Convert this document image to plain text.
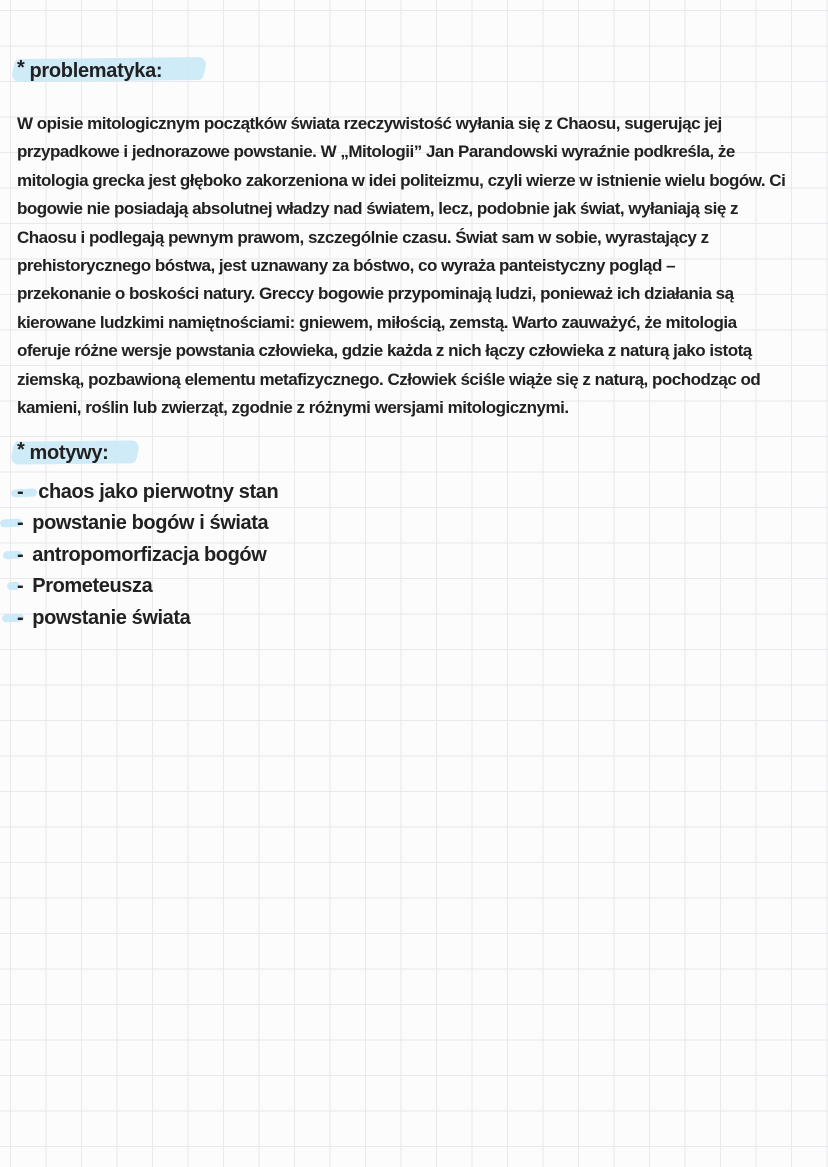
* problematyka:
W opisie mitologicznym początków świata rzeczywistość wyłania się z Chaosu, sugerując jej
przypadkowe i jednorazowe powstanie. W „Mitologii” Jan Parandowski wyraźnie podkreśla, że
mitologia grecka jest głęboko zakorzeniona w idei politeizmu, czyli wierze w istnienie wielu bogów. Ci
bogowie nie posiadają absolutnej władzy nad światem, lecz, podobnie jak świat, wyłaniają się z
Chaosu i podlegają pewnym prawom, szczególnie czasu. Świat sam w sobie, wyrastający z
prehistorycznego bóstwa, jest uznawany za bóstwo, co wyraża panteistyczny pogląd –
przekonanie o boskości natury. Greccy bogowie przypominają ludzi, ponieważ ich działania są
kierowane ludzkimi namiętnościami: gniewem, miłością, zemstą. Warto zauważyć, że mitologia
oferuje różne wersje powstania człowieka, gdzie każda z nich łączy człowieka z naturą jako istotą
ziemską, pozbawioną elementu metafizycznego. Człowiek ściśle wiąże się z naturą, pochodząc od
kamieni, roślin lub zwierząt, zgodnie z różnymi wersjami mitologicznymi.
* motywy:
- chaos jako pierwotny stan
- powstanie bogów i świata
- antropomorfizacja bogów
- Prometeusza
- powstanie świata
